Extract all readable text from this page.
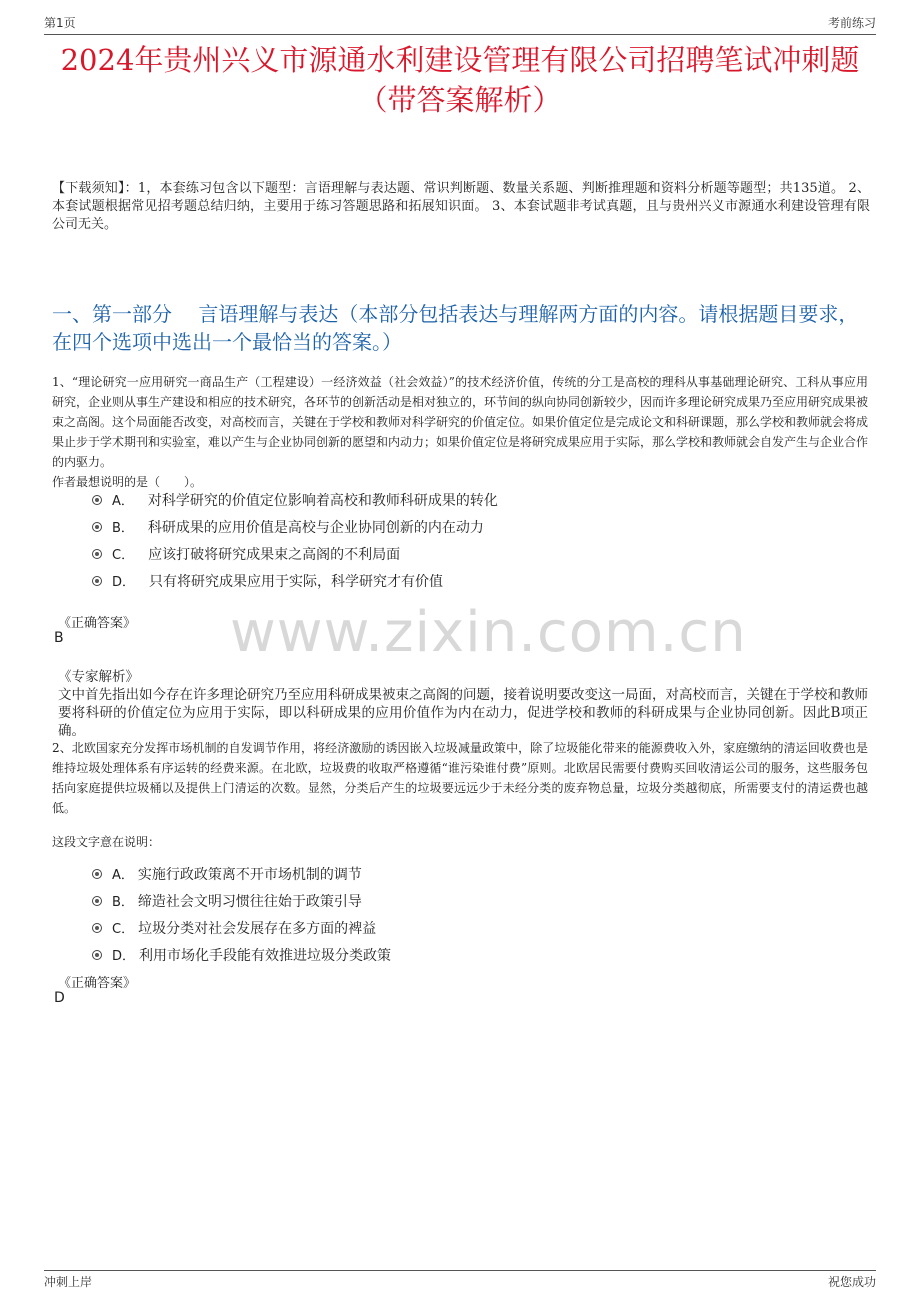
第1页	考前练习
2024年贵州兴义市源通水利建设管理有限公司招聘笔试冲刺题
（带答案解析）
【下载须知】：1，本套练习包含以下题型：言语理解与表达题、常识判断题、数量关系题、判断推理题和资料分析题等题型；共135道。 2、本套试题根据常见招考题总结归纳，主要用于练习答题思路和拓展知识面。 3、本套试题非考试真题，且与贵州兴义市源通水利建设管理有限公司无关。
一、第一部分　 言语理解与表达（本部分包括表达与理解两方面的内容。请根据题目要求，在四个选项中选出一个最恰当的答案。）
1、“理论研究一应用研究一商品生产（工程建设）一经济效益（社会效益）”的技术经济价值，传统的分工是高校的理科从事基础理论研究、工科从事应用研究，企业则从事生产建设和相应的技术研究，各环节的创新活动是相对独立的，环节间的纵向协同创新较少，因而许多理论研究成果乃至应用研究成果被束之高阁。这个局面能否改变，对高校而言，关键在于学校和教师对科学研究的价值定位。如果价值定位是完成论文和科研课题，那么学校和教师就会将成果止步于学术期刊和实验室，难以产生与企业协同创新的愿望和内动力；如果价值定位是将研究成果应用于实际，那么学校和教师就会自发产生与企业合作的内驱力。
作者最想说明的是（　　）。
A． 对科学研究的价值定位影响着高校和教师科研成果的转化
B． 科研成果的应用价值是高校与企业协同创新的内在动力
C． 应该打破将研究成果束之高阁的不利局面
D． 只有将研究成果应用于实际，科学研究才有价值
《正确答案》
B	www.zixin.com.cn
《专家解析》
文中首先指出如今存在许多理论研究乃至应用科研成果被束之高阁的问题，接着说明要改变这一局面，对高校而言，关键在于学校和教师要将科研的价值定位为应用于实际，即以科研成果的应用价值作为内在动力，促进学校和教师的科研成果与企业协同创新。因此B项正确。
2、北欧国家充分发挥市场机制的自发调节作用，将经济激励的诱因嵌入垃圾减量政策中，除了垃圾能化带来的能源费收入外，家庭缴纳的清运回收费也是维持垃圾处理体系有序运转的经费来源。在北欧，垃圾费的收取严格遵循“谁污染谁付费”原则。北欧居民需要付费购买回收清运公司的服务，这些服务包括向家庭提供垃圾桶以及提供上门清运的次数。显然，分类后产生的垃圾要远远少于未经分类的废弃物总量，垃圾分类越彻底，所需要支付的清运费也越低。
这段文字意在说明：
A． 实施行政政策离不开市场机制的调节
B． 缔造社会文明习惯往往始于政策引导
C． 垃圾分类对社会发展存在多方面的裨益
D． 利用市场化手段能有效推进垃圾分类政策
《正确答案》
D
冲刺上岸	祝您成功
